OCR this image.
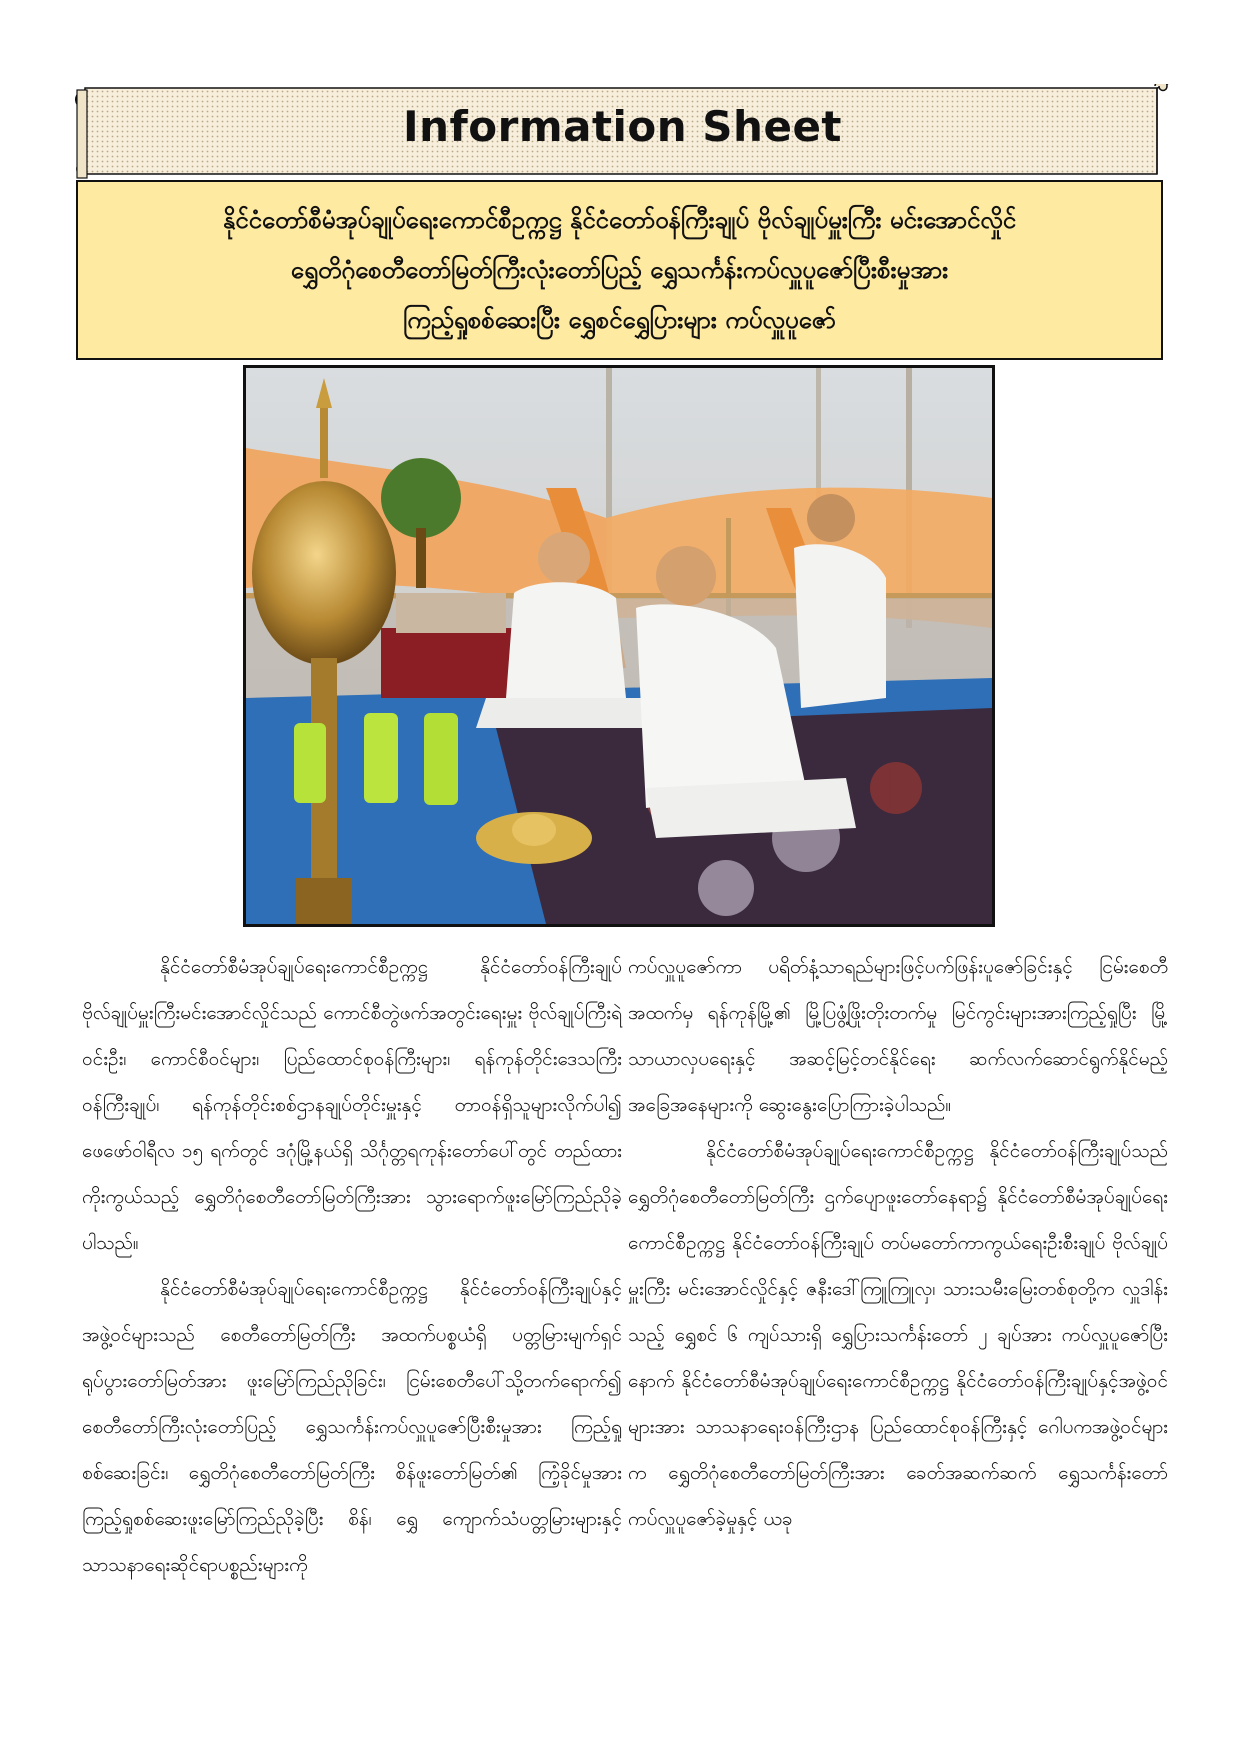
Information Sheet
နိုင်ငံတော်စီမံအုပ်ချုပ်ရေးကောင်စီဥက္ကဋ္ဌ နိုင်ငံတော်ဝန်ကြီးချုပ် ဗိုလ်ချုပ်မှူးကြီး မင်းအောင်လှိုင်
ရွှေတိဂုံစေတီတော်မြတ်ကြီးလုံးတော်ပြည့် ရွှေသင်္ကန်းကပ်လှူပူဇော်ပြီးစီးမှုအား
ကြည့်ရှုစစ်ဆေးပြီး ရွှေစင်ရွှေပြားများ ကပ်လှူပူဇော်

နိုင်ငံတော်စီမံအုပ်ချုပ်ရေးကောင်စီဥက္ကဋ္ဌ နိုင်ငံတော်ဝန်ကြီးချုပ် ဗိုလ်ချုပ်မှူးကြီးမင်းအောင်လှိုင်သည် ကောင်စီတွဲဖက်အတွင်းရေးမှူး ဗိုလ်ချုပ်ကြီးရဲဝင်းဦး၊ ကောင်စီဝင်များ၊ ပြည်ထောင်စုဝန်ကြီးများ၊ ရန်ကုန်တိုင်းဒေသကြီးဝန်ကြီးချုပ်၊ ရန်ကုန်တိုင်းစစ်ဌာနချုပ်တိုင်းမှူးနှင့် တာဝန်ရှိသူများလိုက်ပါ၍ ဖေဖော်ဝါရီလ ၁၅ ရက်တွင် ဒဂုံမြို့နယ်ရှိ သိင်္ဂုတ္တရကုန်းတော်ပေါ်တွင် တည်ထားကိုးကွယ်သည့် ရွှေတိဂုံစေတီတော်မြတ်ကြီးအား သွားရောက်ဖူးမြော်ကြည်ညိုခဲ့ပါသည်။

နိုင်ငံတော်စီမံအုပ်ချုပ်ရေးကောင်စီဥက္ကဋ္ဌ နိုင်ငံတော်ဝန်ကြီးချုပ်နှင့်အဖွဲ့ဝင်များသည် စေတီတော်မြတ်ကြီး အထက်ပစ္စယံရှိ ပတ္တမြားမျက်ရှင်ရုပ်ပွားတော်မြတ်အား ဖူးမြော်ကြည်ညိုခြင်း၊ ငြမ်းစေတီပေါ်သို့တက်ရောက်၍ စေတီတော်ကြီးလုံးတော်ပြည့် ရွှေသင်္ကန်းကပ်လှူပူဇော်ပြီးစီးမှုအား ကြည့်ရှုစစ်ဆေးခြင်း၊ ရွှေတိဂုံစေတီတော်မြတ်ကြီး စိန်ဖူးတော်မြတ်၏ ကြံ့ခိုင်မှုအား ကြည့်ရှုစစ်ဆေးဖူးမြော်ကြည်ညိုခဲ့ပြီး စိန်၊ ရွှေ ကျောက်သံပတ္တမြားများနှင့် သာသနာရေးဆိုင်ရာပစ္စည်းများကို

ကပ်လှူပူဇော်ကာ ပရိတ်နံ့သာရည်များဖြင့်ပက်ဖြန်းပူဇော်ခြင်းနှင့် ငြမ်းစေတီအထက်မှ ရန်ကုန်မြို့၏ မြို့ပြဖွံ့ဖြိုးတိုးတက်မှု မြင်ကွင်းများအားကြည့်ရှုပြီး မြို့သာယာလှပရေးနှင့် အဆင့်မြင့်တင်နိုင်ရေး ဆက်လက်ဆောင်ရွက်နိုင်မည့်အခြေအနေများကို ဆွေးနွေးပြောကြားခဲ့ပါသည်။

နိုင်ငံတော်စီမံအုပ်ချုပ်ရေးကောင်စီဥက္ကဋ္ဌ နိုင်ငံတော်ဝန်ကြီးချုပ်သည် ရွှေတိဂုံစေတီတော်မြတ်ကြီး ဌက်ပျောဖူးတော်နေရာ၌ နိုင်ငံတော်စီမံအုပ်ချုပ်ရေးကောင်စီဥက္ကဋ္ဌ နိုင်ငံတော်ဝန်ကြီးချုပ် တပ်မတော်ကာကွယ်ရေးဦးစီးချုပ် ဗိုလ်ချုပ်မှူးကြီး မင်းအောင်လှိုင်နှင့် ဇနီးဒေါ်ကြူကြူလှ၊ သားသမီးမြေးတစ်စုတို့က လှူဒါန်းသည့် ရွှေစင် ၆ ကျပ်သားရှိ ရွှေပြားသင်္ကန်းတော် ၂ ချပ်အား ကပ်လှူပူဇော်ပြီးနောက် နိုင်ငံတော်စီမံအုပ်ချုပ်ရေးကောင်စီဥက္ကဋ္ဌ နိုင်ငံတော်ဝန်ကြီးချုပ်နှင့်အဖွဲ့ဝင်များအား သာသနာရေးဝန်ကြီးဌာန ပြည်ထောင်စုဝန်ကြီးနှင့် ဂေါပကအဖွဲ့ဝင်များက ရွှေတိဂုံစေတီတော်မြတ်ကြီးအား ခေတ်အဆက်ဆက် ရွှေသင်္ကန်းတော်ကပ်လှူပူဇော်ခဲ့မှုနှင့် ယခု
